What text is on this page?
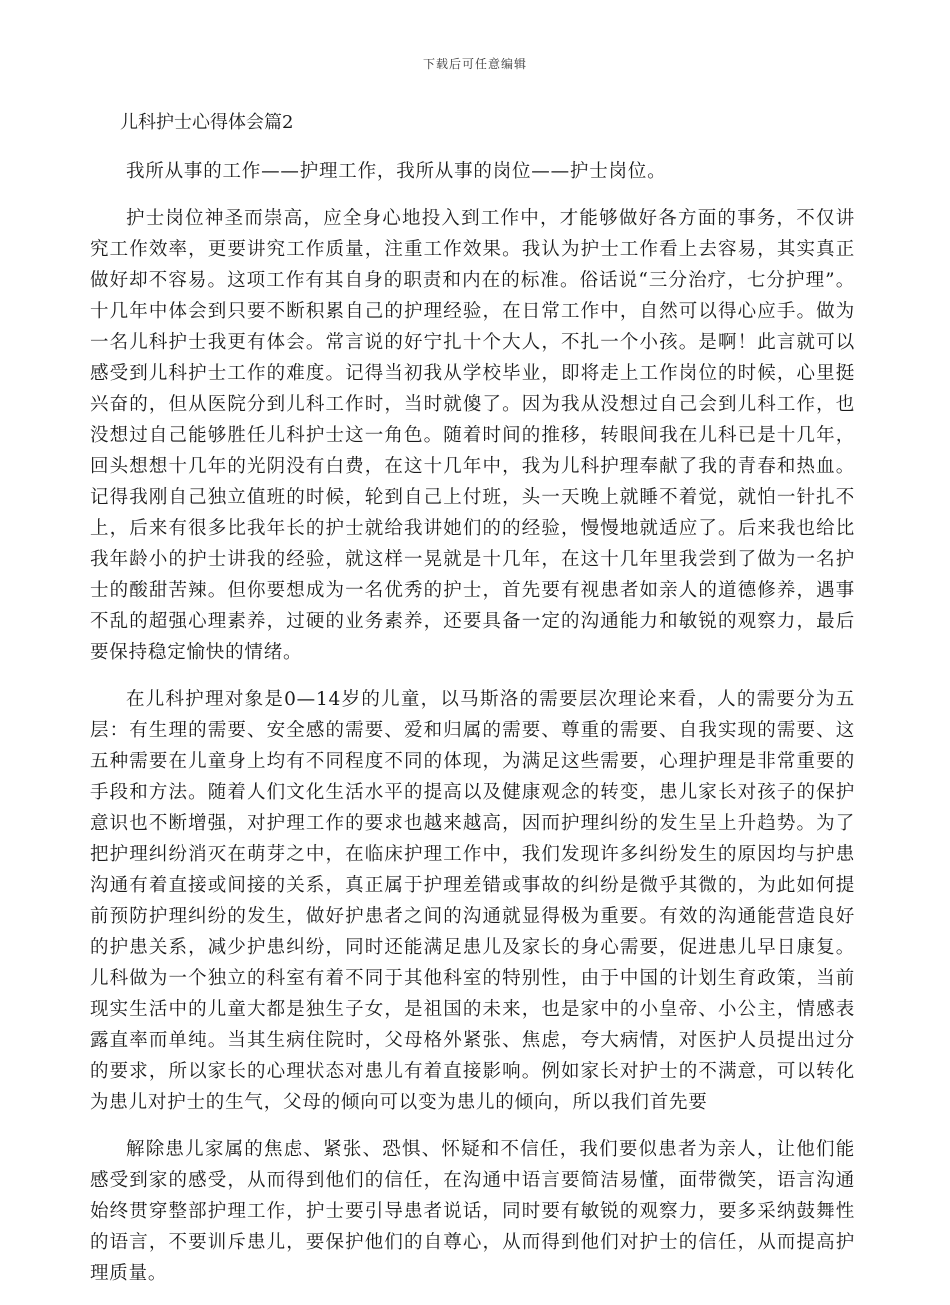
下载后可任意编辑
儿科护士心得体会篇2

我所从事的工作——护理工作，我所从事的岗位——护士岗位。

护士岗位神圣而崇高，应全身心地投入到工作中，才能够做好各方面的事务，不仅讲究工作效率，更要讲究工作质量，注重工作效果。我认为护士工作看上去容易，其实真正做好却不容易。这项工作有其自身的职责和内在的标准。俗话说“三分治疗，七分护理”。十几年中体会到只要不断积累自己的护理经验，在日常工作中，自然可以得心应手。做为一名儿科护士我更有体会。常言说的好宁扎十个大人，不扎一个小孩。是啊！此言就可以感受到儿科护士工作的难度。记得当初我从学校毕业，即将走上工作岗位的时候，心里挺兴奋的，但从医院分到儿科工作时，当时就傻了。因为我从没想过自己会到儿科工作，也没想过自己能够胜任儿科护士这一角色。随着时间的推移，转眼间我在儿科已是十几年，回头想想十几年的光阴没有白费，在这十几年中，我为儿科护理奉献了我的青春和热血。记得我刚自己独立值班的时候，轮到自己上付班，头一天晚上就睡不着觉，就怕一针扎不上，后来有很多比我年长的护士就给我讲她们的的经验，慢慢地就适应了。后来我也给比我年龄小的护士讲我的经验，就这样一晃就是十几年，在这十几年里我尝到了做为一名护士的酸甜苦辣。但你要想成为一名优秀的护士，首先要有视患者如亲人的道德修养，遇事不乱的超强心理素养，过硬的业务素养，还要具备一定的沟通能力和敏锐的观察力，最后要保持稳定愉快的情绪。

在儿科护理对象是0—14岁的儿童，以马斯洛的需要层次理论来看，人的需要分为五层：有生理的需要、安全感的需要、爱和归属的需要、尊重的需要、自我实现的需要、这五种需要在儿童身上均有不同程度不同的体现，为满足这些需要，心理护理是非常重要的手段和方法。随着人们文化生活水平的提高以及健康观念的转变，患儿家长对孩子的保护意识也不断增强，对护理工作的要求也越来越高，因而护理纠纷的发生呈上升趋势。为了把护理纠纷消灭在萌芽之中，在临床护理工作中，我们发现许多纠纷发生的原因均与护患沟通有着直接或间接的关系，真正属于护理差错或事故的纠纷是微乎其微的，为此如何提前预防护理纠纷的发生，做好护患者之间的沟通就显得极为重要。有效的沟通能营造良好的护患关系，减少护患纠纷，同时还能满足患儿及家长的身心需要，促进患儿早日康复。儿科做为一个独立的科室有着不同于其他科室的特别性，由于中国的计划生育政策，当前现实生活中的儿童大都是独生子女，是祖国的未来，也是家中的小皇帝、小公主，情感表露直率而单纯。当其生病住院时，父母格外紧张、焦虑，夸大病情，对医护人员提出过分的要求，所以家长的心理状态对患儿有着直接影响。例如家长对护士的不满意，可以转化为患儿对护士的生气，父母的倾向可以变为患儿的倾向，所以我们首先要

解除患儿家属的焦虑、紧张、恐惧、怀疑和不信任，我们要似患者为亲人，让他们能感受到家的感受，从而得到他们的信任，在沟通中语言要简洁易懂，面带微笑，语言沟通始终贯穿整部护理工作，护士要引导患者说话，同时要有敏锐的观察力，要多采纳鼓舞性的语言，不要训斥患儿，要保护他们的自尊心，从而得到他们对护士的信任，从而提高护理质量。
